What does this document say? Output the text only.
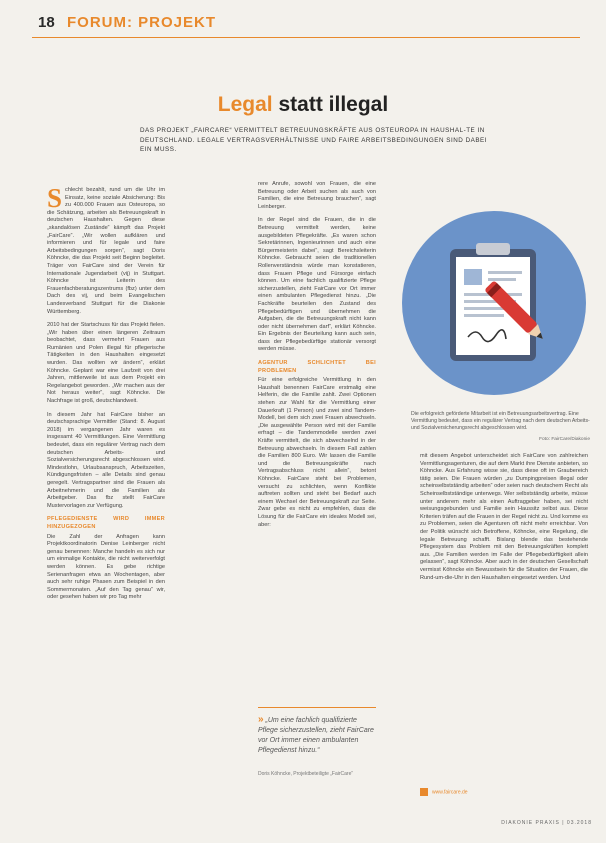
18 FORUM: PROJEKT
Legal statt illegal
DAS PROJEKT „FAIRCARE“ VERMITTELT BETREUUNGSKRÄFTE AUS OSTEUROPA IN HAUSHAL-TE IN DEUTSCHLAND. LEGALE VERTRAGSVERHÄLTNISSE UND FAIRE ARBEITSBEDINGUNGEN SIND DABEI EIN MUSS.

Schlecht bezahlt, rund um die Uhr im Einsatz, keine soziale Absicherung: Bis zu 400.000 Frauen aus Osteuropa, so die Schätzung, arbeiten als Betreuungskraft in deutschen Haushalten. Gegen diese „skandalösen Zustände“ kämpft das Projekt „FairCare“. „Wir wollen aufklären und informieren und für legale und faire Arbeitsbedingungen sorgen“, sagt Doris Köhncke, die das Projekt seit Beginn begleitet. Träger von FairCare sind der Verein für Internationale Jugendarbeit (vij) in Stuttgart. Köhncke ist Leiterin des Frauenfachberatungszentrums (fbz) unter dem Dach des vij, und beim Evangelischen Landesverband Stuttgart für die Diakonie Württemberg.

2010 hat der Startschuss für das Projekt fielen. „Wir haben über einen längeren Zeitraum beobachtet, dass vermehrt Frauen aus Rumänien und Polen illegal für pflegerische Tätigkeiten in den Haushalten eingesetzt wurden. Das wollten wir ändern“, erklärt Köhncke. Geplant war eine Laufzeit von drei Jahren, mittlerweile ist aus dem Projekt ein Regelangebot geworden. „Wir machen aus der Not heraus weiter“, sagt Köhncke. Die Nachfrage ist groß, deutschlandweit.

In diesem Jahr hat FairCare bisher an deutschsprachige Vermittler (Stand: 8. August 2018) im vergangenen Jahr waren es insgesamt 40 Vermittlungen. Eine Vermittlung bedeutet, dass ein regulärer Vertrag nach dem deutschen Arbeits- und Sozialversicherungsrecht abgeschlossen wird. Mindestlohn, Urlaubsanspruch, Arbeitszeiten, Kündigungsfristen – alle Details sind genau geregelt. Vertragspartner sind die Frauen als Arbeitnehmerin und die Familien als Arbeitgeber. Das fbz stellt FairCare Mustervorlagen zur Verfügung.

PFLEGEDIENSTE WIRD IMMER HINZUGEZOGEN

Die Zahl der Anfragen kann Projektkoordinatorin Denise Leinberger nicht genau benennen: Manche handeln es sich nur um einmalige Kontakte, die nicht weiterverfolgt werden können. Es gebe richtige Serienanfragen etwa an Wochentagen, aber auch sehr ruhige Phasen zum Beispiel in den Sommermonaten. „Auf den Tag genau“ wir, oder gesehen haben wir pro Tag mehr

rere Anrufe, sowohl von Frauen, die eine Betreuung oder Arbeit suchen als auch von Familien, die eine Betreuung brauchen“, sagt Leinberger.

In der Regel sind die Frauen, die in die Betreuung vermittelt werden, keine ausgebildeten Pflegekräfte. „Es waren schon Sekretärinnen, Ingenieurinnen und auch eine Bürgermeisterin dabei“, sagt Bereichsleiterin Köhncke. Gebraucht seien die traditionellen Rollenverständnis würde man konstatieren, dass Frauen Pflege und Fürsorge einfach können. Um eine fachlich qualifizierte Pflege sicherzustellen, zieht FairCare vor Ort immer einen ambulanten Pflegedienst hinzu. „Die Fachkräfte beurteilen den Zustand des Pflegebedürftigen und übernehmen die Aufgaben, die die Betreuungskraft nicht kann oder nicht übernehmen darf“, erklärt Köhncke. Ein Ergebnis der Beurteilung kann auch sein, dass der Pflegebedürftige stationär versorgt werden müsse.

AGENTUR SCHLICHTET BEI PROBLEMEN

Für eine erfolgreiche Vermittlung in den Haushalt benennen FairCare erstmalig eine Helferin, die die Familie zahlt. Zwei Optionen stehen zur Wahl für die Vermittlung einer Dauerkraft (1 Person) und zwei sind Tandem-Modell, bei dem sich zwei Frauen abwechseln. „Die ausgewählte Person wird mit der Familie erfragt – die Tandemmodelle werden zwei Kräfte vermittelt, die sich abwechselnd in der Betreuung abwechseln. In diesem Fall zahlen die Familien 800 Euro. Wir lassen die Familie und die Betreuungskräfte nach Vertragsabschluss nicht allein“, betont Köhncke. FairCare steht bei Problemen, versucht zu schlichten, wenn Konflikte auftreten sollten und steht bei Bedarf auch einem Wechsel der Betreuungskraft zur Seite. Zwar gebe es nicht zu empfehlen, dass die Lösung für die FairCare ein ideales Modell sei, aber:

Die erfolgreich geförderte Mitarbeit ist ein Betreuungsarbeitsvertrag. Eine Vermittlung bedeutet, dass ein regulärer Vertrag nach dem deutschen Arbeits- und Sozialversicherungsrecht abgeschlossen wird.
Foto: FairCare/Diakonie

mit diesem Angebot unterscheidet sich FairCare von zahlreichen Vermittlungsagenturen, die auf dem Markt ihre Dienste anbieten, so Köhncke. Aus Erfahrung wisse sie, dass diese oft im Graubereich tätig seien. Die Frauen würden „zu Dumpingpreisen illegal oder scheinselbstständig arbeiten“ oder seien nach deutschem Recht als Scheinselbstständige unterwegs. Wer selbstständig arbeite, müsse unter anderem mehr als einen Auftraggeber haben, sei nicht weisungsgebunden und Familie sein Haussitz selbst aus. Diese Kriterien träfen auf die Frauen in der Regel nicht zu. Und komme es zu Problemen, seien die Agenturen oft nicht mehr erreichbar. Von der Politik wünscht sich Betroffene, Köhncke, eine Regelung, die legale Betreuung schafft. Bislang blende das bestehende Pflegesystem das Problem mit den Betreuungskräften komplett aus. „Die Familien werden im Falle der Pflegebedürftigkeit allein gelassen“, sagt Köhncke. Aber auch in der deutschen Gesellschaft vermisst Köhncke ein Bewusstsein für die Situation der Frauen, die Rund-um-die-Uhr in den Haushalten eingesetzt werden. Und

» „Um eine fachlich qualifizierte Pflege sicherzustellen, zieht FairCare vor Ort immer einen ambulanten Pflegedienst hinzu.“
Doris Köhncke, Projektbeteiligte „FairCare“
www.faircare.de
DIAKONIE PRAXIS | 03.2018
